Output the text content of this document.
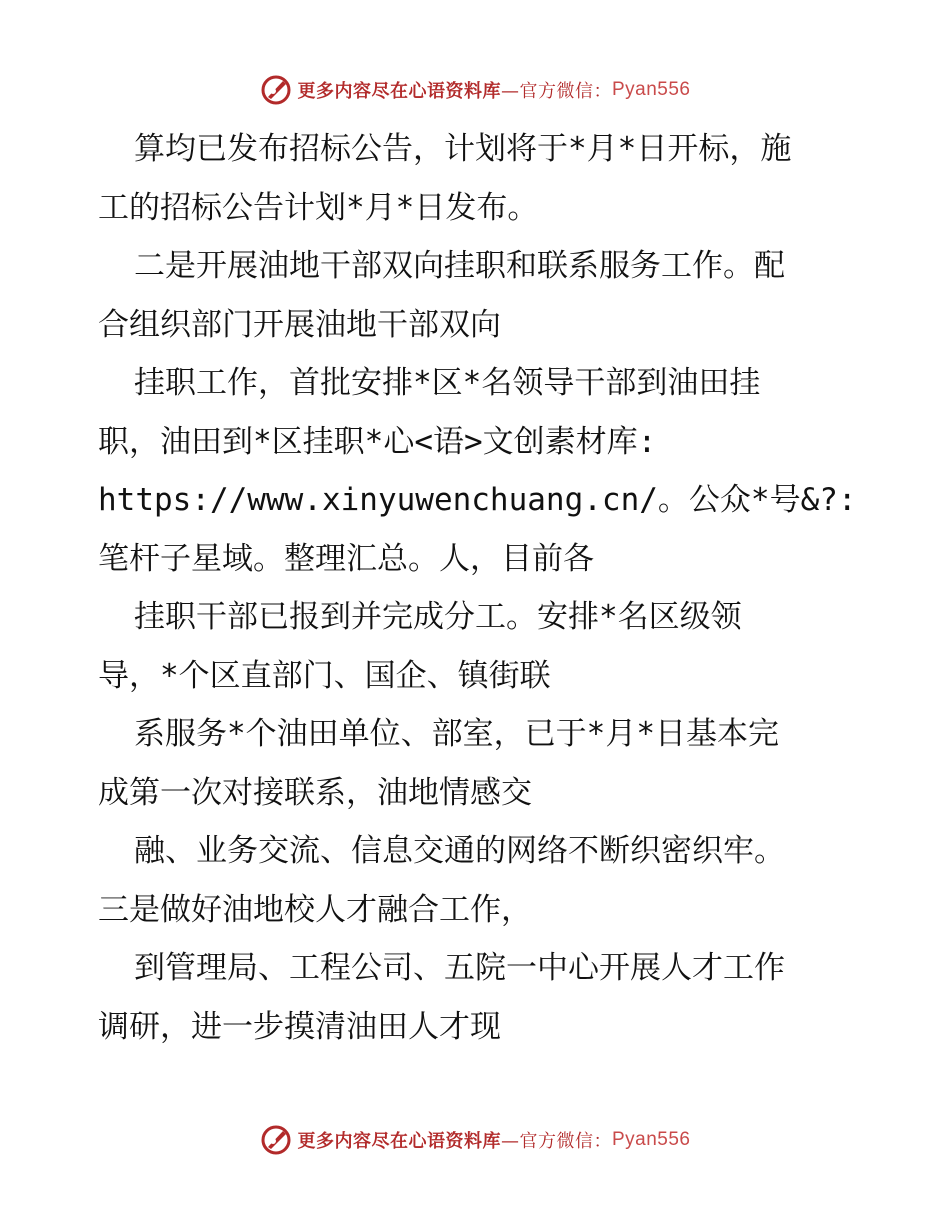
更多内容尽在心语资料库 —官方微信： Pyan556
算均已发布招标公告，计划将于*月*日开标，施
工的招标公告计划*月*日发布。
二是开展油地干部双向挂职和联系服务工作。配
合组织部门开展油地干部双向
挂职工作，首批安排*区*名领导干部到油田挂
职，油田到*区挂职*心<语>文创素材库:
https://www.xinyuwenchuang.cn/。公众*号&?:
笔杆子星域。整理汇总。人，目前各
挂职干部已报到并完成分工。安排*名区级领
导，*个区直部门、国企、镇街联
系服务*个油田单位、部室，已于*月*日基本完
成第一次对接联系，油地情感交
融、业务交流、信息交通的网络不断织密织牢。
三是做好油地校人才融合工作，
到管理局、工程公司、五院一中心开展人才工作
调研，进一步摸清油田人才现
更多内容尽在心语资料库 —官方微信： Pyan556
